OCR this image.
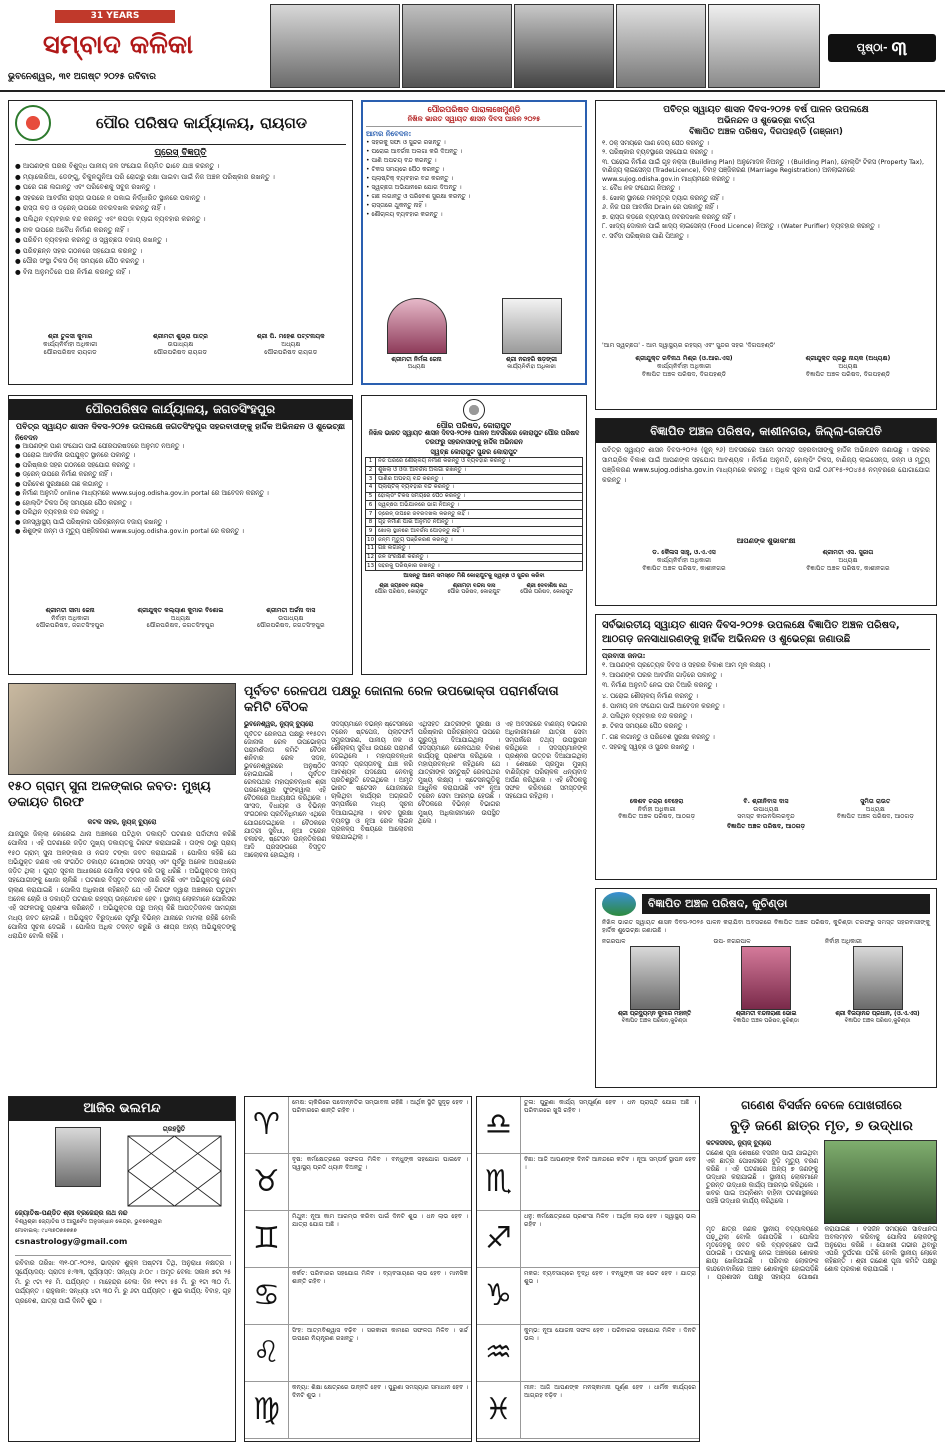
31 YEARS
ସମ୍ବାଦ କଳିକା
ଭୁବନେଶ୍ୱର, ୩୧ ଅଗଷ୍ଟ ୨୦୨୫ ରବିବାର
ପୃଷ୍ଠା- ୩
ପୌର ପରିଷଦ କାର୍ଯ୍ୟାଳୟ, ରାୟଗଡ
ପ୍ରେସ୍ ବିଜ୍ଞପ୍ତି
● ଆପଣଙ୍କ ଘରର ବିଶୁଦ୍ଧ ପାନୀୟ ଜଳ ସଂଯୋଗ ନିୟମିତ ଭାବେ ଯାଞ୍ଚ କରନ୍ତୁ ।
● ମ୍ୟାଲେରିଆ, ଡେଙ୍ଗୁ, ଚିକୁନଗୁନିଆ ପରି ରୋଗରୁ ରକ୍ଷା ପାଇବା ପାଇଁ ନିଜ ଅଞ୍ଚଳ ପରିଷ୍କାର ରଖନ୍ତୁ ।
● ଘରେ ଗଛ ଲଗାନ୍ତୁ ଏବଂ ପରିବେଶକୁ ସବୁଜ ରଖନ୍ତୁ ।
● ସହରରେ ଆବର୍ଜନା ରାସ୍ତା ଉପରେ ନ ପକାଇ ନିର୍ଦ୍ଧାରିତ ସ୍ଥାନରେ ପକାନ୍ତୁ ।
● ରାସ୍ତା କଡ଼ ଓ ଡ୍ରେନ୍ ଉପରେ ଜବରଦଖଲ କରନ୍ତୁ ନାହିଁ ।
● ପଲିଥିନ ବ୍ୟବହାର ବନ୍ଦ କରନ୍ତୁ ଏବଂ କପଡ଼ା ବ୍ୟାଗ ବ୍ୟବହାର କରନ୍ତୁ ।
● ନାଳ ଉପରେ ଅବୈଧ ନିର୍ମାଣ କରନ୍ତୁ ନାହିଁ ।
● ପରିଚିମ ବ୍ୟବହାର କରନ୍ତୁ ଓ ସ୍ୱଚ୍ଛତା ବଜାୟ ରଖନ୍ତୁ ।
● ପରିଚ୍ଛନ୍ନ ସହର ଗଠନରେ ସହଯୋଗ କରନ୍ତୁ ।
● ପୌର ସଂସ୍ଥା ଟିକସ ଠିକ୍ ସମୟରେ ପୈଠ କରନ୍ତୁ ।
● ବିନା ଅନୁମତିରେ ଘର ନିର୍ମାଣ କରନ୍ତୁ ନାହିଁ ।
ଶ୍ରୀ ତୁଳସୀ କୁମାର
କାର୍ଯ୍ୟନିର୍ବାହୀ ଅଧିକାରୀ
ପୌରପରିଷଦ ରାୟଗଡ
ଶ୍ରୀମତୀ ଶୁଭ୍ରା ପାତ୍ର
ଉପାଧ୍ୟକ୍ଷ
ପୌରପରିଷଦ ରାୟଗଡ
ଶ୍ରୀ ପି. ମହେଶ ପଟ୍ଟନାୟକ
ଅଧ୍ୟକ୍ଷ
ପୌରପରିଷଦ ରାୟଗଡ
ପୌରପରିଷଦ ପାରାଳାଖେମୁଣ୍ଡି
ନିଖିଳ ଭାରତ ସ୍ୱାୟତ ଶାସନ ଦିବସ ପାଳନ ୨୦୨୫
ଆମର ନିବେଦନ:
• ସହରକୁ ସଫା ଓ ସୁନ୍ଦର ରଖନ୍ତୁ ।
• ଘରୋଇ ଆବର୍ଜନା ଅଲଗା କରି ଦିଅନ୍ତୁ ।
• ପାଣି ଅପଚୟ ବନ୍ଦ କରନ୍ତୁ ।
• ଟିକସ ସମୟରେ ପୈଠ କରନ୍ତୁ ।
• ପ୍ଲାଷ୍ଟିକ୍ ବ୍ୟବହାର ବନ୍ଦ କରନ୍ତୁ ।
• ସ୍ୱଚ୍ଛତା ଅଭିଯାନରେ ଯୋଗ ଦିଅନ୍ତୁ ।
• ଗଛ ଲଗାନ୍ତୁ ଓ ପରିବେଶ ସୁରକ୍ଷା କରନ୍ତୁ ।
• ରାସ୍ତାରେ ଥୁକନ୍ତୁ ନାହିଁ ।
• ଶୌଚାଳୟ ବ୍ୟବହାର କରନ୍ତୁ ।
ଶ୍ରୀମତୀ ନିର୍ମଳା ଜେନା
ଅଧ୍ୟକ୍ଷ
ଶ୍ରୀ ନରହରି ଷଡ଼ଙ୍ଗୀ
କାର୍ଯ୍ୟନିର୍ବାହୀ ଅଧିକାରୀ
ପବିତ୍ର ସ୍ୱାୟତ ଶାସନ ଦିବସ-୨୦୨୫ ବର୍ଷ ପାଳନ ଉପଲକ୍ଷେ
ଅଭିନନ୍ଦନ ଓ ଶୁଭେଚ୍ଛା ବାର୍ତ୍ତା
ବିଜ୍ଞାପିତ ଅଞ୍ଚଳ ପରିଷଦ, ଦିଗପହଣ୍ଡି (ଗଞ୍ଜାମ)
୧. ଠିକ୍ ସମୟରେ ପାଣି ଦେୟ ପୈଠ କରନ୍ତୁ ।
୨. ପରିଷ୍କାର ବ୍ୟବସ୍ଥାରେ ସହଯୋଗ କରନ୍ତୁ ।
୩. ଘରୋଇ ନିର୍ମାଣ ପାଇଁ ଗୃହ ନକ୍ସା (Building Plan) ଅନୁମୋଦନ ନିଅନ୍ତୁ । (Building Plan), ହୋଲ୍ଡିଂ ଟିକସ (Property Tax), ବାଣିଜ୍ୟ ଲାଇସେନ୍ସ (TradeLicence), ବିବାହ ପଞ୍ଜିକରଣ (Marriage Registration) ଅନଲାଇନରେ www.sujog.odisha.gov.in ମାଧ୍ୟମରେ କରନ୍ତୁ ।
୪. ବୈଧ ନଳ ସଂଯୋଗ ନିଅନ୍ତୁ ।
୫. ଖୋଲା ସ୍ଥାନରେ ମଳମୂତ୍ର ତ୍ୟାଗ କରନ୍ତୁ ନାହିଁ ।
୬. ନିଜ ଘର ଆବର୍ଜନା Drain ରେ ପକାନ୍ତୁ ନାହିଁ ।
୭. ରାସ୍ତା କଡ଼ରେ ବ୍ୟବସାୟ ଜବରଦଖଲ କରନ୍ତୁ ନାହିଁ ।
୮. ଖାଦ୍ୟ ଦୋକାନ ପାଇଁ ଖାଦ୍ୟ ଲାଇସେନ୍ସ (Food Licence) ନିଅନ୍ତୁ । (Water Purifier) ବ୍ୟବହାର କରନ୍ତୁ ।
୯. ସର୍ବଦା ପରିଷ୍କାର ପାଣି ପିଅନ୍ତୁ ।
'ଆମ ସ୍ୱଚ୍ଛତା' - ଆମ ସ୍ୱାସ୍ଥ୍ୟର ରହସ୍ୟ ଏବଂ ସୁନ୍ଦର ସହର 'ଦିଗପହଣ୍ଡି'
ଶ୍ରୀଯୁକ୍ତ ରବିନାଥ ମିଶ୍ର (ଓ.ଆର.ଏସ)
କାର୍ଯ୍ୟନିର୍ବାହୀ ଅଧିକାରୀ
ବିଜ୍ଞାପିତ ଅଞ୍ଚଳ ପରିଷଦ, ଦିଗପହଣ୍ଡି
ଶ୍ରୀଯୁକ୍ତ ପ୍ରଭୁ ନାୟକ (ଅଧ୍ୟକ୍ଷ)
ଅଧ୍ୟକ୍ଷ
ବିଜ୍ଞାପିତ ଅଞ୍ଚଳ ପରିଷଦ, ଦିଗପହଣ୍ଡି
ପୌରପରିଷଦ କାର୍ଯ୍ୟାଳୟ, ଜଗତସିଂହପୁର
ପବିତ୍ର ସ୍ୱାୟତ ଶାସନ ଦିବସ-୨୦୨୫ ଉପଲକ୍ଷେ ଜଗତସିଂହପୁର ସହରବାସୀଙ୍କୁ ହାର୍ଦ୍ଦିକ ଅଭିନନ୍ଦନ ଓ ଶୁଭେଚ୍ଛା
ନିବେଦନ
● ଆପଣଙ୍କ ପାଣି ସଂଯୋଗ ପାଇଁ ପୌରପରିଷଦରେ ଅନୁମତି ନିଅନ୍ତୁ ।
● ଘରୋଇ ଆବର୍ଜନା ଉପଯୁକ୍ତ ସ୍ଥାନରେ ପକାନ୍ତୁ ।
● ପରିଷ୍କାର ସହର ଗଠନରେ ସହଯୋଗ କରନ୍ତୁ ।
● ଡ୍ରେନ୍ ଉପରେ ନିର୍ମାଣ କରନ୍ତୁ ନାହିଁ ।
● ପରିବେଶ ସୁରକ୍ଷାରେ ଗଛ ଲଗାନ୍ତୁ ।
● ନିର୍ମାଣ ଅନୁମତି online ମାଧ୍ୟମରେ www.sujog.odisha.gov.in portal ରେ ଆବେଦନ କରନ୍ତୁ ।
● ହୋଲ୍ଡିଂ ଟିକସ ଠିକ୍ ସମୟରେ ପୈଠ କରନ୍ତୁ ।
● ପଲିଥିନ ବ୍ୟବହାର ବନ୍ଦ କରନ୍ତୁ ।
● ଜନସ୍ୱାସ୍ଥ୍ୟ ପାଇଁ ପରିଷ୍କାର ପରିଚ୍ଛନ୍ନତା ବଜାୟ ରଖନ୍ତୁ ।
● ଶିଶୁଙ୍କ ଜନ୍ମ ଓ ମୃତ୍ୟୁ ପଞ୍ଜିକରଣ www.sujog.odisha.gov.in portal ରେ କରନ୍ତୁ ।
ଶ୍ରୀମତୀ ସୀମା ଜେନା
ନିର୍ବାହୀ ଅଧିକାରୀ
ପୌରପରିଷଦ, ଜଗତସିଂହପୁର
ଶ୍ରୀଯୁକ୍ତ କଲ୍ୟାଣ କୁମାର ବିଶୋଇ
ଅଧ୍ୟକ୍ଷ
ପୌରପରିଷଦ, ଜଗତସିଂହପୁର
ଶ୍ରୀମତୀ ଅର୍ଚ୍ଚନା ଦାସ
ଉପାଧ୍ୟକ୍ଷ
ପୌରପରିଷଦ, ଜଗତସିଂହପୁର
ପୌର ପରିଷଦ, କୋରାପୁଟ
ନିଖିଳ ଭାରତ ସ୍ୱାୟତ ଶାସନ ଦିବସ-୨୦୨୫ ପାଳନ ଅବସରରେ କୋରାପୁଟ ପୌର ପରିଷଦ ତରଫରୁ ସହରବାସୀଙ୍କୁ ହାର୍ଦ୍ଦିକ ଅଭିନନ୍ଦନ
ସ୍ୱଚ୍ଛ କୋରାପୁଟ ସୁନ୍ଦର କୋରାପୁଟ
1	ନିଜ ଘରରେ ଶୌଚାଳୟ ନିର୍ମାଣ କରନ୍ତୁ ଓ ବ୍ୟବହାର କରନ୍ତୁ ।
2	ଶୁଖିଲା ଓ ଓଦା ଆବର୍ଜନା ଅଲଗା ରଖନ୍ତୁ ।
3	ପାଣିର ଅପଚୟ ବନ୍ଦ କରନ୍ତୁ ।
4	ପ୍ଲାଷ୍ଟିକ୍ ବ୍ୟବହାର ବନ୍ଦ କରନ୍ତୁ ।
5	ହୋଲ୍ଡିଂ ଟିକସ ସମୟରେ ପୈଠ କରନ୍ତୁ ।
6	ସ୍ୱଚ୍ଛତା ଅଭିଯାନରେ ଭାଗ ନିଅନ୍ତୁ ।
7	ଡ୍ରେନ୍ ଉପରେ ଜବରଦଖଲ କରନ୍ତୁ ନାହିଁ ।
8	ଗୃହ ନିର୍ମାଣ ପାଇଁ ଅନୁମତି ନିଅନ୍ତୁ ।
9	ଖୋଲା ସ୍ଥାନରେ ଆବର୍ଜନା ପୋଡ଼ନ୍ତୁ ନାହିଁ ।
10	ଜନ୍ମ ମୃତ୍ୟୁ ପଞ୍ଜିକରଣ କରନ୍ତୁ ।
11	ଗଛ ଲଗାନ୍ତୁ ।
12	ଜଳ ସଂରକ୍ଷଣ କରନ୍ତୁ ।
13	ସହରକୁ ପରିଷ୍କାର ରଖନ୍ତୁ ।
ଆସନ୍ତୁ ଆମେ ସମସ୍ତେ ମିଶି କୋରାପୁଟକୁ ସ୍ୱଚ୍ଛ ଓ ସୁନ୍ଦର କରିବା
ଶ୍ରୀ ଜୟଦେବ ନାୟକ
ପୌର ପରିଷଦ, କୋରାପୁଟ
ଶ୍ରୀମତୀ ବନ୍ଦନା ଦାସ
ପୌର ପରିଷଦ, କୋରାପୁଟ
ଶ୍ରୀ ଦେବାଶିଷ ରଥ
ପୌର ପରିଷଦ, କୋରାପୁଟ
ବିଜ୍ଞାପିତ ଅଞ୍ଚଳ ପରିଷଦ, କାଶୀନଗର, ଜିଲ୍ଲା-ଗଜପତି
ପବିତ୍ର ସ୍ୱାୟତ ଶାସନ ଦିବସ-୨୦୨୫ (ଜୁନ୍ ୨୬) ଅବସରରେ ଆମେ ସମସ୍ତ ସହରବାସୀଙ୍କୁ ହାର୍ଦ୍ଦିକ ଅଭିନନ୍ଦନ ଜଣାଉଛୁ । ସହରର ସାମଗ୍ରିକ ବିକାଶ ପାଇଁ ଆପଣଙ୍କ ସହଯୋଗ ଆବଶ୍ୟକ । ନିର୍ମାଣ ଅନୁମତି, ହୋଲ୍ଡିଂ ଟିକସ, ବାଣିଜ୍ୟ ଲାଇସେନ୍ସ, ଜନ୍ମ ଓ ମୃତ୍ୟୁ ପଞ୍ଜିକରଣ www.sujog.odisha.gov.in ମାଧ୍ୟମରେ କରନ୍ତୁ । ଅଧିକ ସୂଚନା ପାଇଁ ୦୬୮୧୫-୨୦୪୫୫ ନମ୍ବରରେ ଯୋଗାଯୋଗ କରନ୍ତୁ ।
ଆପଣଙ୍କ ଶୁଭାକାଂକ୍ଷୀ
ଡ. କୈଳାସ ସାହୁ, ଓ.ଏ.ଏସ
କାର୍ଯ୍ୟନିର୍ବାହୀ ଅଧିକାରୀ
ବିଜ୍ଞାପିତ ଅଞ୍ଚଳ ପରିଷଦ, କାଶୀନଗର
ଶ୍ରୀମତୀ ଏସ. ସୁଜାତା
ଅଧ୍ୟକ୍ଷ
ବିଜ୍ଞାପିତ ଅଞ୍ଚଳ ପରିଷଦ, କାଶୀନଗର
ସର୍ବଭାରତୀୟ ସ୍ୱାୟତ ଶାସନ ଦିବସ-୨୦୨୫ ଉପଲକ୍ଷେ ବିଜ୍ଞାପିତ ଅଞ୍ଚଳ ପରିଷଦ, ଆଠଗଡ଼ ଜନସାଧାରଣଙ୍କୁ ହାର୍ଦ୍ଦିକ ଅଭିନନ୍ଦନ ଓ ଶୁଭେଚ୍ଛା ଜଣାଉଛି
ପ୍ରବାସୀ ଜନତା:
୧. ଆପଣଙ୍କ ପ୍ରତ୍ୟେକ ଦିବସ ଓ ସହରର ବିକାଶ ଆମ ମୂଳ ଲକ୍ଷ୍ୟ ।
୨. ଆପଣଙ୍କ ଘରର ଆବର୍ଜନା ଗାଡ଼ିରେ ପକାନ୍ତୁ ।
୩. ନିର୍ମାଣ ଅନୁମତି ନେଇ ଘର ତିଆରି କରନ୍ତୁ ।
୪. ଘରୋଇ ଶୌଚାଳୟ ନିର୍ମାଣ କରନ୍ତୁ ।
୫. ପାନୀୟ ଜଳ ସଂଯୋଗ ପାଇଁ ଆବେଦନ କରନ୍ତୁ ।
୬. ପଲିଥିନ ବ୍ୟବହାର ବନ୍ଦ କରନ୍ତୁ ।
୭. ଟିକସ ସମୟରେ ପୈଠ କରନ୍ତୁ ।
୮. ଗଛ ଲଗାନ୍ତୁ ଓ ପରିବେଶ ସୁରକ୍ଷା କରନ୍ତୁ ।
୯. ସହରକୁ ସ୍ୱଚ୍ଛ ଓ ସୁନ୍ଦର ରଖନ୍ତୁ ।
କେଶବ ଚନ୍ଦ୍ର ବେହେରା
ନିର୍ବାହୀ ଅଧିକାରୀ
ବିଜ୍ଞାପିତ ଅଞ୍ଚଳ ପରିଷଦ, ଆଠଗଡ଼
ବି. ଶ୍ରୀନିବାସ ଦାସ
ଉପାଧ୍ୟକ୍ଷ
ସମସ୍ତ କାଉନସିଲରବୃନ୍ଦ
ସୁମିତା ରାଉତ
ଅଧ୍ୟକ୍ଷ
ବିଜ୍ଞାପିତ ଅଞ୍ଚଳ ପରିଷଦ, ଆଠଗଡ଼
ବିଜ୍ଞାପିତ ଅଞ୍ଚଳ ପରିଷଦ, ଆଠଗଡ଼
୧୫୦ ଗ୍ରାମ୍ ସୁନା ଅଳଙ୍କାର ଜବତ: ମୁଖ୍ୟ ଡକାୟତ ଗିରଫ
କଟକ ସହର, ନ୍ୟୁଜ୍ ବ୍ୟୁରୋ
ଯାଜପୁର ଜିଲ୍ଲା କୋରେଇ ଥାନା ଅଞ୍ଚଳରେ ଘଟିଥିବା ଡକାୟତି ଘଟଣାର ପର୍ଦ୍ଦାଫାସ କରିଛି ପୋଲିସ । ଏହି ଘଟଣାରେ ଜଡ଼ିତ ମୁଖ୍ୟ ଡକାୟତକୁ ଗିରଫ କରାଯାଇଛି । ତାଙ୍କ ଠାରୁ ପ୍ରାୟ ୧୫୦ ଗ୍ରାମ୍ ସୁନା ଅଳଙ୍କାର ଓ ନଗଦ ଟଙ୍କା ଜବତ କରାଯାଇଛି । ପୋଲିସ କହିଛି ଯେ ଅଭିଯୁକ୍ତ ଜଣକ ଏକ ସଂଗଠିତ ଡକାୟତ ଗୋଷ୍ଠୀର ସଦସ୍ୟ ଏବଂ ପୂର୍ବରୁ ଅନେକ ଅପରାଧରେ ଜଡ଼ିତ ଥିଲା । ଗୁପ୍ତ ସୂଚନା ଆଧାରରେ ପୋଲିସ ଚଢ଼ଉ କରି ତାକୁ ଧରିଛି । ଅଭିଯୁକ୍ତର ଅନ୍ୟ ସହଯୋଗୀଙ୍କୁ ଖୋଜା ଚାଲିଛି । ଘଟଣାର ବିସ୍ତୃତ ତଦନ୍ତ ଜାରି ରହିଛି ଏବଂ ଅଭିଯୁକ୍ତକୁ କୋର୍ଟ ଚାଲାଣ କରାଯାଇଛି । ପୋଲିସ ଅଧିକାରୀ କହିଛନ୍ତି ଯେ ଏହି ଗିରଫ ଦ୍ୱାରା ଅଞ୍ଚଳରେ ଘଟୁଥିବା ଅନେକ ଚୋରି ଓ ଡକାୟତି ଘଟଣାର ରହସ୍ୟ ଉନ୍ମୋଚନ ହେବ । ସ୍ଥାନୀୟ ଲୋକମାନେ ପୋଲିସର ଏହି ସଫଳତାକୁ ପ୍ରଶଂସା କରିଛନ୍ତି । ଅଭିଯୁକ୍ତର ଘରୁ ଅନ୍ୟ କିଛି ଆପତ୍ତିଜନକ ସାମଗ୍ରୀ ମଧ୍ୟ ଜବତ ହୋଇଛି । ଅଭିଯୁକ୍ତ ବିରୁଦ୍ଧରେ ପୂର୍ବରୁ ବିଭିନ୍ନ ଥାନାରେ ମାମଲା ରହିଛି ବୋଲି ପୋଲିସ ସୂଚନା ଦେଇଛି । ପୋଲିସ ଅଧିକ ତଦନ୍ତ କରୁଛି ଓ ଶୀଘ୍ର ଅନ୍ୟ ଅଭିଯୁକ୍ତଙ୍କୁ ଧରାଯିବ ବୋଲି କହିଛି ।
ପୂର୍ବତଟ ରେଳପଥ ପକ୍ଷରୁ ଜୋନାଲ ରେଳ ଉପଭୋକ୍ତା ପରାମର୍ଶଦାତା କମିଟି ବୈଠକ
ଭୁବନେଶ୍ୱର, ନ୍ୟୁଜ୍ ବ୍ୟୁରୋ
ପୂର୍ବତଟ ରେଳପଥ ପକ୍ଷରୁ ୧୧୫ତମ ଜୋନାଲ ରେଳ ଉପଭୋକ୍ତା ପରାମର୍ଶଦାତା କମିଟି ବୈଠକ ଶନିବାର ରେଳ ସଦନ, ଭୁବନେଶ୍ୱରରେ ଅନୁଷ୍ଠିତ ହୋଇଯାଇଛି । ପୂର୍ବତଟ ରେଳପଥର ମହାପ୍ରବନ୍ଧକ ଶ୍ରୀ ପରମେଶ୍ୱର ଫୁଙ୍କୱାଲ ଏହି ବୈଠକରେ ଅଧ୍ୟକ୍ଷତା କରିଥିଲେ । ସାଂସଦ, ବିଧାୟକ ଓ ବିଭିନ୍ନ ସଂଗଠନର ପ୍ରତିନିଧିମାନେ ଏଥିରେ ଯୋଗଦେଇଥିଲେ । ବୈଠକରେ ଯାତ୍ରୀ ସୁବିଧା, ନୂଆ ଟ୍ରେନ ଚଳାଚଳ, ଷ୍ଟେସନ ଉନ୍ନତିକରଣ ଆଦି ପ୍ରସଙ୍ଗରେ ବିସ୍ତୃତ ଆଲୋଚନା ହୋଇଥିଲା ।
ସଦସ୍ୟମାନେ ବିଭିନ୍ନ ଷ୍ଟେସନରେ ଟ୍ରେନ ଷ୍ଟପେଜ, ପ୍ଲାଟଫର୍ମ ସମ୍ପ୍ରସାରଣ, ପାନୀୟ ଜଳ ଓ ଶୌଚାଳୟ ସୁବିଧା ଉପରେ ପରାମର୍ଶ ଦେଇଥିଲେ । ମହାପ୍ରବନ୍ଧକ ସମସ୍ତ ପ୍ରସ୍ତାବକୁ ଯାଞ୍ଚ କରି ଆବଶ୍ୟକ ପଦକ୍ଷେପ ନେବାକୁ ପ୍ରତିଶ୍ରୁତି ଦେଇଥିଲେ । ଅମୃତ ଭାରତ ଷ୍ଟେସନ ଯୋଜନାରେ ଚାଲିଥିବା କାର୍ଯ୍ୟର ଅଗ୍ରଗତି ସମ୍ପର୍କରେ ମଧ୍ୟ ସୂଚନା ଦିଆଯାଇଥିଲା । କବଚ ସୁରକ୍ଷା ବ୍ୟବସ୍ଥା ଓ ନୂଆ ରେଳ ଲାଇନ ପ୍ରକଳ୍ପ ବିଷୟରେ ଆଲୋଚନା କରାଯାଇଥିଲା ।
ଏଥିସହିତ ଯାତ୍ରୀଙ୍କ ସୁରକ୍ଷା ଓ ପରିଷ୍କାର ପରିଚ୍ଛନ୍ନତା ଉପରେ ଗୁରୁତ୍ୱ ଦିଆଯାଇଥିଲା । ସଦସ୍ୟମାନେ ରେଳପଥର ବିକାଶ କାର୍ଯ୍ୟକୁ ପ୍ରଶଂସା କରିଥିଲେ । ମହାପ୍ରବନ୍ଧକ କହିଥିଲେ ଯେ ଯାତ୍ରୀଙ୍କ ସନ୍ତୁଷ୍ଟି ରେଳପଥର ମୁଖ୍ୟ ଲକ୍ଷ୍ୟ । ଷ୍ଟେସନଗୁଡ଼ିକୁ ଆଧୁନିକ କରାଯାଉଛି ଏବଂ ନୂଆ ଟ୍ରେନ ସେବା ଆରମ୍ଭ ହେଉଛି । ବୈଠକରେ ବିଭିନ୍ନ ବିଭାଗର ମୁଖ୍ୟ ଅଧିକାରୀମାନେ ଉପସ୍ଥିତ ଥିଲେ ।
ଏହି ଅବସରରେ ବାଣିଜ୍ୟ ବିଭାଗର ଅଧିକାରୀମାନେ ଯାତ୍ରୀ ସେବା ସମ୍ପର୍କରେ ତଥ୍ୟ ଉପସ୍ଥାପନ କରିଥିଲେ । ସଦସ୍ୟମାନଙ୍କ ପ୍ରଶ୍ନର ଉତ୍ତର ଦିଆଯାଇଥିଲା । ଶେଷରେ ପ୍ରମୁଖ ମୁଖ୍ୟ ବାଣିଜ୍ୟିକ ପରିଚାଳକ ଧନ୍ୟବାଦ ଅର୍ପଣ କରିଥିଲେ । ଏହି ବୈଠକକୁ ସଫଳ କରିବାରେ ସମସ୍ତଙ୍କ ସହଯୋଗ ରହିଥିଲା ।
ବିଜ୍ଞାପିତ ଅଞ୍ଚଳ ପରିଷଦ, କୁଚିଣ୍ଡା
ନିଖିଳ ଭାରତ ସ୍ୱାୟତ ଶାସନ ଦିବସ-୨୦୨୫ ପାଳନ କରାଯିବା ଅବସରରେ ବିଜ୍ଞାପିତ ଅଞ୍ଚଳ ପରିଷଦ, କୁଚିଣ୍ଡା ତରଫରୁ ସମସ୍ତ ସହରବାସୀଙ୍କୁ ହାର୍ଦ୍ଦିକ ଶୁଭେଚ୍ଛା ଜଣାଉଛି ।
ନଗରପାଳ
ଶ୍ରୀ ପ୍ରଦ୍ୟୁମ୍ନ କୁମାର ମହାନ୍ତି
ବିଜ୍ଞାପିତ ଅଞ୍ଚଳ ପରିଷଦ,କୁଚିଣ୍ଡା
ଉପ- ନଗରପାଳ
ଶ୍ରୀମତୀ ବନ୍ଦନାରାଣୀ ଭୋଇ
ବିଜ୍ଞାପିତ ଅଞ୍ଚଳ ପରିଷଦ,କୁଚିଣ୍ଡା
ନିର୍ବାହୀ ଅଧିକାରୀ
ଶ୍ରୀ ବିଜୟାନନ୍ଦ ପ୍ରଧାନ, (ଓ.ଏ.ଏସ)
ବିଜ୍ଞାପିତ ଅଞ୍ଚଳ ପରିଷଦ,କୁଚିଣ୍ଡା
ଆଜିର ଭଲମନ୍ଦ
ଗ୍ରହସ୍ଥିତି
ଜ୍ୟୋତିଷ-ପଣ୍ଡିତ ଶ୍ରୀ ବ୍ରଜେନ୍ଦ୍ର ନାଥ ନନ୍ଦ
ବିଶ୍ୱଶ୍ରୀ ଜ୍ୟୋତିଷ ଓ ଆୟୁର୍ବେଦ ଅନୁସନ୍ଧାନ କେନ୍ଦ୍ର, ଭୁବନେଶ୍ୱର
ମୋବାଇଲ୍: ୯୪୩୭୦୭୭୭୭୭
csnastrology@gmail.com
ରବିବାର ତାରିଖ: ୩୧-୦୮-୨୦୨୫, ଭାଦ୍ରବ ଶୁକ୍ଳ ଅଷ୍ଟମୀ ତିଥି, ଅନୁରାଧା ନକ୍ଷତ୍ର । ସୂର୍ଯ୍ୟୋଦୟ: ପ୍ରାତଃ ୫:୩୩, ସୂର୍ଯ୍ୟାସ୍ତ: ସନ୍ଧ୍ୟା ୬:୦୯ । ଅମୃତ ବେଳା: ସକାଳ ୭ଟା ୨୫ ମି. ରୁ ୯ଟା ୧୫ ମି. ପର୍ଯ୍ୟନ୍ତ । ମାହେନ୍ଦ୍ର ବେଳା: ଦିନ ୧୧ଟା ୫୫ ମି. ରୁ ୧ଟା ୩୦ ମି. ପର୍ଯ୍ୟନ୍ତ । ରାହୁକାଳ: ସନ୍ଧ୍ୟା ୪ଟା ୩୦ ମି. ରୁ ୬ଟା ପର୍ଯ୍ୟନ୍ତ । ଶୁଭ କାର୍ଯ୍ୟ: ବିବାହ, ଗୃହ ପ୍ରବେଶ, ଯାତ୍ରା ପାଇଁ ଦିନଟି ଶୁଭ ।
♈
ମେଷ: ଚାକିରିରେ ପଦୋନ୍ନତିର ସମ୍ଭାବନା ରହିଛି । ଆର୍ଥିକ ସ୍ଥିତି ସୁଦୃଢ଼ ହେବ । ପରିବାରରେ ଶାନ୍ତି ରହିବ ।
♉
ବୃଷ: କର୍ମକ୍ଷେତ୍ରରେ ସଫଳତା ମିଳିବ । ବନ୍ଧୁଙ୍କ ସହଯୋଗ ପାଇବେ । ସ୍ୱାସ୍ଥ୍ୟ ପ୍ରତି ଧ୍ୟାନ ଦିଅନ୍ତୁ ।
♊
ମିଥୁନ: ନୂଆ କାମ ଆରମ୍ଭ କରିବା ପାଇଁ ଦିନଟି ଶୁଭ । ଧନ ଲାଭ ହେବ । ଯାତ୍ରା ଯୋଗ ଅଛି ।
♋
କର୍କଟ: ପରିବାରର ସହଯୋଗ ମିଳିବ । ବ୍ୟବସାୟରେ ଲାଭ ହେବ । ମାନସିକ ଶାନ୍ତି ରହିବ ।
♌
ସିଂହ: ଆତ୍ମବିଶ୍ୱାସ ବଢ଼ିବ । ସରକାରୀ କାମରେ ସଫଳତା ମିଳିବ । ଖର୍ଚ୍ଚ ଉପରେ ନିୟନ୍ତ୍ରଣ ରଖନ୍ତୁ ।
♍
କନ୍ୟା: ଶିକ୍ଷା କ୍ଷେତ୍ରରେ ଉନ୍ନତି ହେବ । ପୁରୁଣା ସମସ୍ୟାର ସମାଧାନ ହେବ । ଦିନଟି ଶୁଭ ।
♎
ତୁଳା: ପୁରୁଣା କାର୍ଯ୍ୟ ସମ୍ପୂର୍ଣ୍ଣ ହେବ । ଧନ ପ୍ରାପ୍ତି ଯୋଗ ଅଛି । ପରିବାରରେ ଖୁସି ରହିବ ।
♏
ବିଛା: ଆଜି ଆପଣଙ୍କ ଦିନଟି ଆନନ୍ଦରେ କଟିବ । ନୂଆ ସମ୍ପର୍କ ସ୍ଥାପନ ହେବ ।
♐
ଧନୁ: କର୍ମକ୍ଷେତ୍ରରେ ପ୍ରଶଂସା ମିଳିବ । ଆର୍ଥିକ ଲାଭ ହେବ । ସ୍ୱାସ୍ଥ୍ୟ ଭଲ ରହିବ ।
♑
ମକର: ବ୍ୟବସାୟରେ ବୃଦ୍ଧି ହେବ । ବନ୍ଧୁଙ୍କ ସହ ଭେଟ ହେବ । ଯାତ୍ରା ଶୁଭ ।
♒
କୁମ୍ଭ: ନୂଆ ଯୋଜନା ସଫଳ ହେବ । ପରିବାରର ସହଯୋଗ ମିଳିବ । ଦିନଟି ଭଲ ।
♓
ମୀନ: ଆଜି ଆପଣଙ୍କ ମନସ୍କାମନା ପୂର୍ଣ୍ଣ ହେବ । ଧାର୍ମିକ କାର୍ଯ୍ୟରେ ଆଗ୍ରହ ବଢ଼ିବ ।
ଗଣେଶ ବିସର୍ଜନ ବେଳେ ପୋଖରୀରେ
ବୁଡ଼ି ଜଣେ ଛାତ୍ର ମୃତ, ୭ ଉଦ୍ଧାର
କଟକସଦର, ନ୍ୟୁଜ୍ ବ୍ୟୁରୋ
ଗଣେଶ ପୂଜା ଶେଷରେ ବିସର୍ଜନ ପାଇଁ ଯାଇଥିବା ଏକ ଛାତ୍ର ପୋଖରୀରେ ବୁଡ଼ି ମୃତ୍ୟୁ ବରଣ କରିଛି । ଏହି ଘଟଣାରେ ଅନ୍ୟ ୭ ଜଣଙ୍କୁ ଉଦ୍ଧାର କରାଯାଇଛି । ସ୍ଥାନୀୟ ଲୋକମାନେ ତୁରନ୍ତ ଉଦ୍ଧାର କାର୍ଯ୍ୟ ଆରମ୍ଭ କରିଥିଲେ । ଖବର ପାଇ ଅଗ୍ନିଶମ ବାହିନୀ ଘଟଣାସ୍ଥଳରେ ପହଞ୍ଚି ଉଦ୍ଧାର କାର୍ଯ୍ୟ କରିଥିଲେ ।
ମୃତ ଛାତ୍ର ଜଣକ ସ୍ଥାନୀୟ ବିଦ୍ୟାଳୟରେ ପଢ଼ୁଥିଲା ବୋଲି ଜଣାପଡ଼ିଛି । ପୋଲିସ ମୃତଦେହକୁ ଜବତ କରି ବ୍ୟବଚ୍ଛେଦ ପାଇଁ ପଠାଇଛି । ଘଟଣାକୁ ନେଇ ଅଞ୍ଚଳରେ ଶୋକର ଛାୟା ଖେଳିଯାଇଛି । ପରିବାର ଲୋକଙ୍କ କାନ୍ଦବୋବାଳିରେ ଅଞ୍ଚଳ ଶୋକାକୁଳ ହୋଇପଡ଼ିଛି । ପ୍ରଶାସନ ପକ୍ଷରୁ ସହାୟତା ଘୋଷଣା କରାଯାଇଛି । ବିସର୍ଜନ ସମୟରେ ସାବଧାନତା ଅବଲମ୍ବନ କରିବାକୁ ପୋଲିସ ଲୋକଙ୍କୁ ଅନୁରୋଧ କରିଛି । ପୋଖରୀ ଗଭୀର ଥିବାରୁ ଏପରି ଦୁର୍ଘଟଣା ଘଟିଛି ବୋଲି ସ୍ଥାନୀୟ ଲୋକେ କହିଛନ୍ତି । ଶ୍ରୀ ଗଣେଶ ପୂଜା କମିଟି ପକ୍ଷରୁ ଶୋକ ପ୍ରକାଶ କରାଯାଇଛି ।
